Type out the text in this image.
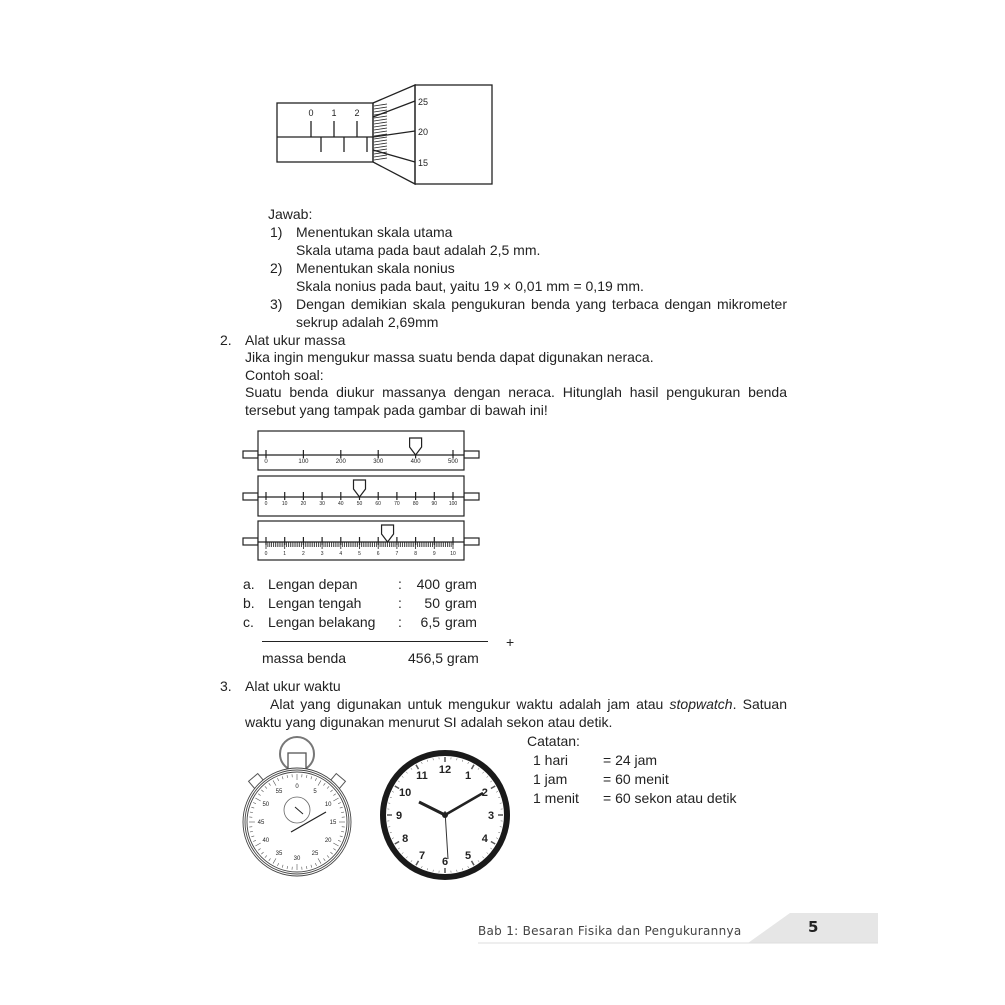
0 1 2
25
20
15
0	100	200	300	400	500
0	10	20	30	40	50	60	70	80	90 100
0	1	2	3	4	5	6	7	8	9	10
0
5
10
15
20
25
30
35
40
45
50
55
12
1
2
3
4
5
6
7
8
9
10
11
Jawab:
1) Menentukan skala utama
Skala utama pada baut adalah 2,5 mm.
2) Menentukan skala nonius
Skala nonius pada baut, yaitu 19 × 0,01 mm = 0,19 mm.
3) Dengan demikian skala pengukuran benda yang terbaca dengan mikrometer
sekrup adalah 2,69mm
2. Alat ukur massa
Jika ingin mengukur massa suatu benda dapat digunakan neraca.
Contoh soal:
Suatu benda diukur massanya dengan neraca. Hitunglah hasil pengukuran benda
tersebut yang tampak pada gambar di bawah ini!
a. Lengan depan	: 400 gram
b. Lengan tengah	: 50 gram
c. Lengan belakang : 6,5 gram
+
massa benda	456,5 gram
3. Alat ukur waktu
Alat yang digunakan untuk mengukur waktu adalah jam atau stopwatch. Satuan
waktu yang digunakan menurut SI adalah sekon atau detik.
Catatan:
1 hari = 24 jam
1 jam	= 60 menit
1 menit = 60 sekon atau detik
Bab 1: Besaran Fisika dan Pengukurannya	5
